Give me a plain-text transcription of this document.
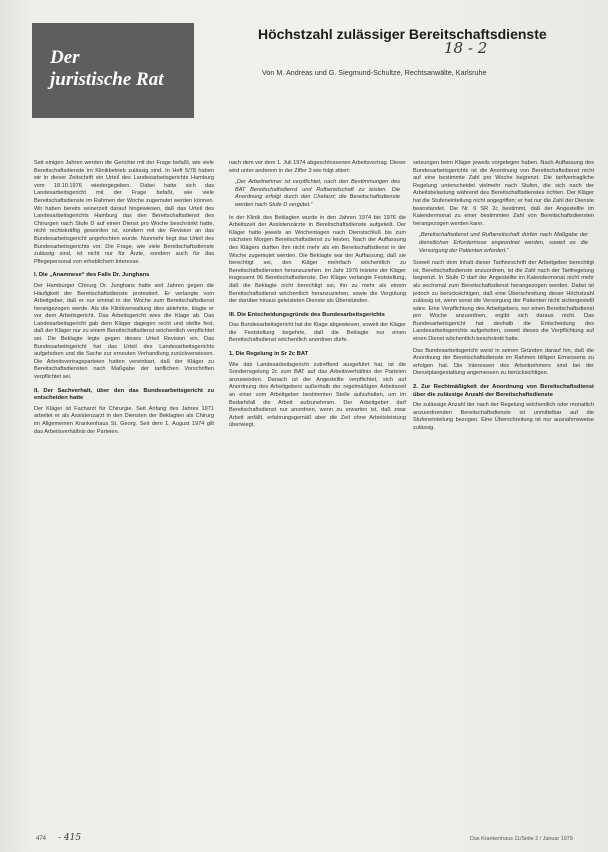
Der
juristische Rat
Höchstzahl zulässiger Bereitschaftsdienste
18 - 2
Von M. Andreas und G. Siegmund-Schultze, Rechtsanwälte, Karlsruhe

Seit einigen Jahren werden die Gerichte mit der Frage befaßt, wie viele Bereitschaftsdienste im Klinikbetrieb zulässig sind. In Heft 5/78 haben wir in dieser Zeitschrift ein Urteil des Landesarbeitsgerichts Hamburg vom 18.10.1976 wiedergegeben. Dabei hatte sich das Landesarbeitsgericht mit der Frage befaßt, wie viele Bereitschaftsdienste im Rahmen der Woche zugemutet werden können. Wir haben bereits seinerzeit darauf hingewiesen, daß das Urteil des Landesarbeitsgerichts Hamburg das den Bereitschaftsdienst des Chirurgen nach Stufe D auf einen Dienst pro Woche beschränkt hatte, nicht rechtskräftig geworden ist, sondern mit der Revision an das Bundesarbeitsgericht angefochten wurde. Nunmehr liegt das Urteil des Bundesarbeitsgerichts vor. Die Frage, wie viele Bereitschaftsdienste zulässig sind, ist nicht nur für Ärzte, sondern auch für das Pflegepersonal von erheblichem Interesse.

I. Die „Anamnese“ des Falls Dr. Junghans

Der Hamburger Chirurg Dr. Junghans hatte seit Jahren gegen die Häufigkeit der Bereitschaftsdienste protestiert. Er verlangte vom Arbeitgeber, daß er nur einmal in der Woche zum Bereitschaftsdienst herangezogen werde. Als die Klinikverwaltung dies ablehnte, klagte er vor dem Arbeitsgericht. Das Arbeitsgericht wies die Klage ab. Das Landesarbeitsgericht gab dem Kläger dagegen recht und stellte fest, daß der Kläger nur zu einem Bereitschaftsdienst wöchentlich verpflichtet sei. Die Beklagte legte gegen dieses Urteil Revision ein. Das Bundesarbeitsgericht hat das Urteil des Landesarbeitsgerichts aufgehoben und die Sache zur erneuten Verhandlung zurückverwiesen. Die Arbeitsvertragsparteien hatten vereinbart, daß der Kläger zu Bereitschaftsdiensten nach Maßgabe der tariflichen Vorschriften verpflichtet sei.

II. Der Sachverhalt, über den das Bundesarbeitsgericht zu entscheiden hatte

Der Kläger ist Facharzt für Chirurgie. Seit Anfang des Jahres 1971 arbeitet er als Assistenzarzt in den Diensten der Beklagten als Chirurg im Allgemeinen Krankenhaus St. Georg. Seit dem 1. August 1974 gilt das Arbeitsverhältnis der Parteien.

nach dem vor dem 1. Juli 1974 abgeschlossenen Arbeitsvertrag. Dieser wird unter anderem in der Ziffer 3 wie folgt zitiert:

„Der Arbeitnehmer ist verpflichtet, nach den Bestimmungen des BAT Bereitschaftsdienst und Rufbereitschaft zu leisten. Die Anordnung erfolgt durch den Chefarzt; die Bereitschaftsdienste werden nach Stufe D vergütet.“

In der Klinik des Beklagten wurde in den Jahren 1974 bis 1976 die Arbeitszeit der Assistenzärzte in Bereitschaftsdienste aufgeteilt. Der Kläger hatte jeweils an Wochentagen nach Dienstschluß bis zum nächsten Morgen Bereitschaftsdienst zu leisten. Nach der Auffassung des Klägers durften ihm nicht mehr als ein Bereitschaftsdienst in der Woche zugemutet werden. Die Beklagte war der Auffassung, daß sie berechtigt sei, den Kläger mehrfach wöchentlich zu Bereitschaftsdiensten heranzuziehen. Im Jahr 1976 leistete der Kläger insgesamt 96 Bereitschaftsdienste. Der Kläger verlangte Feststellung, daß die Beklagte nicht berechtigt sei, ihn zu mehr als einem Bereitschaftsdienst wöchentlich heranzuziehen, sowie die Vergütung der darüber hinaus geleisteten Dienste als Überstunden.

III. Die Entscheidungsgründe des Bundesarbeitsgerichts

Das Bundesarbeitsgericht hat die Klage abgewiesen, soweit der Kläger die Feststellung begehrte, daß die Beklagte nur einen Bereitschaftsdienst wöchentlich anordnen dürfe.

1. Die Regelung in Sr 2c BAT

Wie das Landesarbeitsgericht zutreffend ausgeführt hat, ist die Sonderregelung 2c zum BAT auf das Arbeitsverhältnis der Parteien anzuwenden. Danach ist der Angestellte verpflichtet, sich auf Anordnung des Arbeitgebers außerhalb der regelmäßigen Arbeitszeit an einer vom Arbeitgeber bestimmten Stelle aufzuhalten, um im Bedarfsfall die Arbeit aufzunehmen. Der Arbeitgeber darf Bereitschaftsdienst nur anordnen, wenn zu erwarten ist, daß zwar Arbeit anfällt, erfahrungsgemäß aber die Zeit ohne Arbeitsleistung überwiegt.

setzungen beim Kläger jeweils vorgelegen haben. Nach Auffassung des Bundesarbeitsgerichts ist die Anordnung von Bereitschaftsdienst nicht auf eine bestimmte Zahl pro Woche begrenzt. Die tarifvertragliche Regelung unterscheidet vielmehr nach Stufen, die sich nach der Arbeitsbelastung während des Bereitschaftsdienstes richten. Der Kläger hat die Stufeneinteilung nicht angegriffen; er hat nur die Zahl der Dienste beanstandet. Die Nr. 6 SR 2c bestimmt, daß der Angestellte im Kalendermonat zu einer bestimmten Zahl von Bereitschaftsdiensten herangezogen werden kann.

„Bereitschaftsdienst und Rufbereitschaft dürfen nach Maßgabe der dienstlichen Erfordernisse angeordnet werden, soweit es die Versorgung der Patienten erfordert.“

Soweit nach dem Inhalt dieser Tarifvorschrift der Arbeitgeber berechtigt ist, Bereitschaftsdienste anzuordnen, ist die Zahl nach der Tarifregelung begrenzt. In Stufe D darf der Angestellte im Kalendermonat nicht mehr als sechsmal zum Bereitschaftsdienst herangezogen werden. Dabei ist jedoch zu berücksichtigen, daß eine Überschreitung dieser Höchstzahl zulässig ist, wenn sonst die Versorgung der Patienten nicht sichergestellt wäre. Eine Verpflichtung des Arbeitgebers, nur einen Bereitschaftsdienst pro Woche anzuordnen, ergibt sich daraus nicht. Das Bundesarbeitsgericht hat deshalb die Entscheidung des Landesarbeitsgerichts aufgehoben, soweit dieses die Verpflichtung auf einen Dienst wöchentlich beschränkt hatte.

Das Bundesarbeitsgericht weist in seinen Gründen darauf hin, daß die Anordnung der Bereitschaftsdienste im Rahmen billigen Ermessens zu erfolgen hat. Die Interessen des Arbeitnehmers sind bei der Dienstplangestaltung angemessen zu berücksichtigen.

2. Zur Rechtmäßigkeit der Anordnung von Bereitschaftsdienst über die zulässige Anzahl der Bereitschaftsdienste

Die zulässige Anzahl der nach der Regelung wöchentlich oder monatlich anzuordnenden Bereitschaftsdienste ist unmittelbar auf die Stufeneinteilung bezogen. Eine Überschreitung ist nur ausnahmsweise zulässig.

474 - 415	Das Krankenhaus 11/Seite 2 / Januar 1979
